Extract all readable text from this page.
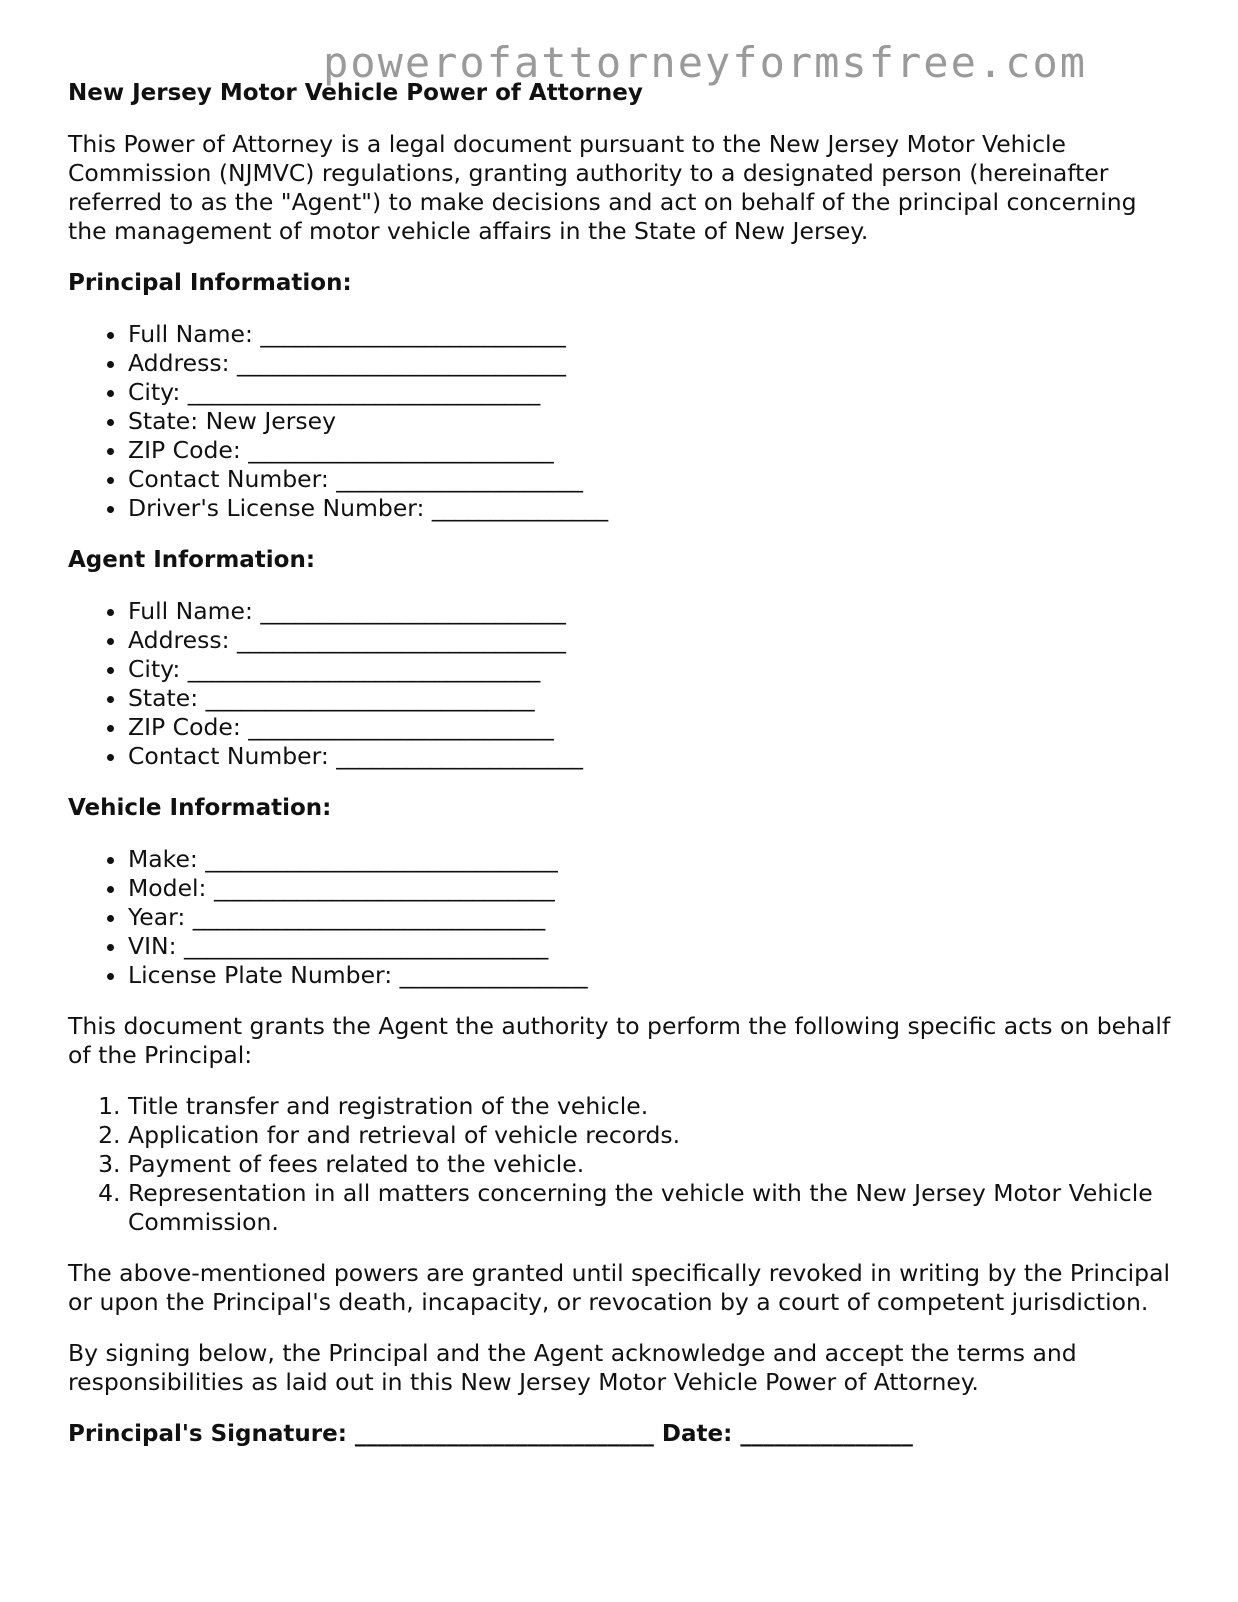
powerofattorneyformsfree.com
New Jersey Motor Vehicle Power of Attorney

This Power of Attorney is a legal document pursuant to the New Jersey Motor Vehicle Commission (NJMVC) regulations, granting authority to a designated person (hereinafter referred to as the "Agent") to make decisions and act on behalf of the principal concerning the management of motor vehicle affairs in the State of New Jersey.

Principal Information:
• Full Name: __________________________
• Address: ____________________________
• City: ______________________________
• State: New Jersey
• ZIP Code: __________________________
• Contact Number: _____________________
• Driver's License Number: _______________
Agent Information:
• Full Name: __________________________
• Address: ____________________________
• City: ______________________________
• State: ____________________________
• ZIP Code: __________________________
• Contact Number: _____________________
Vehicle Information:
• Make: ______________________________
• Model: _____________________________
• Year: ______________________________
• VIN: _______________________________
• License Plate Number: ________________

This document grants the Agent the authority to perform the following specific acts on behalf of the Principal:

1. Title transfer and registration of the vehicle.
2. Application for and retrieval of vehicle records.
3. Payment of fees related to the vehicle.
4. Representation in all matters concerning the vehicle with the New Jersey Motor Vehicle Commission.

The above-mentioned powers are granted until specifically revoked in writing by the Principal or upon the Principal's death, incapacity, or revocation by a court of competent jurisdiction.

By signing below, the Principal and the Agent acknowledge and accept the terms and responsibilities as laid out in this New Jersey Motor Vehicle Power of Attorney.

Principal's Signature: __________________________ Date: _______________
